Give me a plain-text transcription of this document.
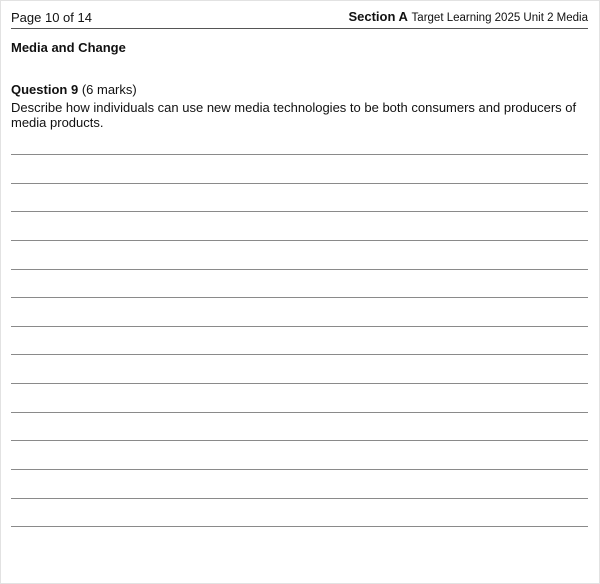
Page 10 of 14	Section A Target Learning 2025 Unit 2 Media
Media and Change
Question 9 (6 marks)
Describe how individuals can use new media technologies to be both consumers and producers of media products.
